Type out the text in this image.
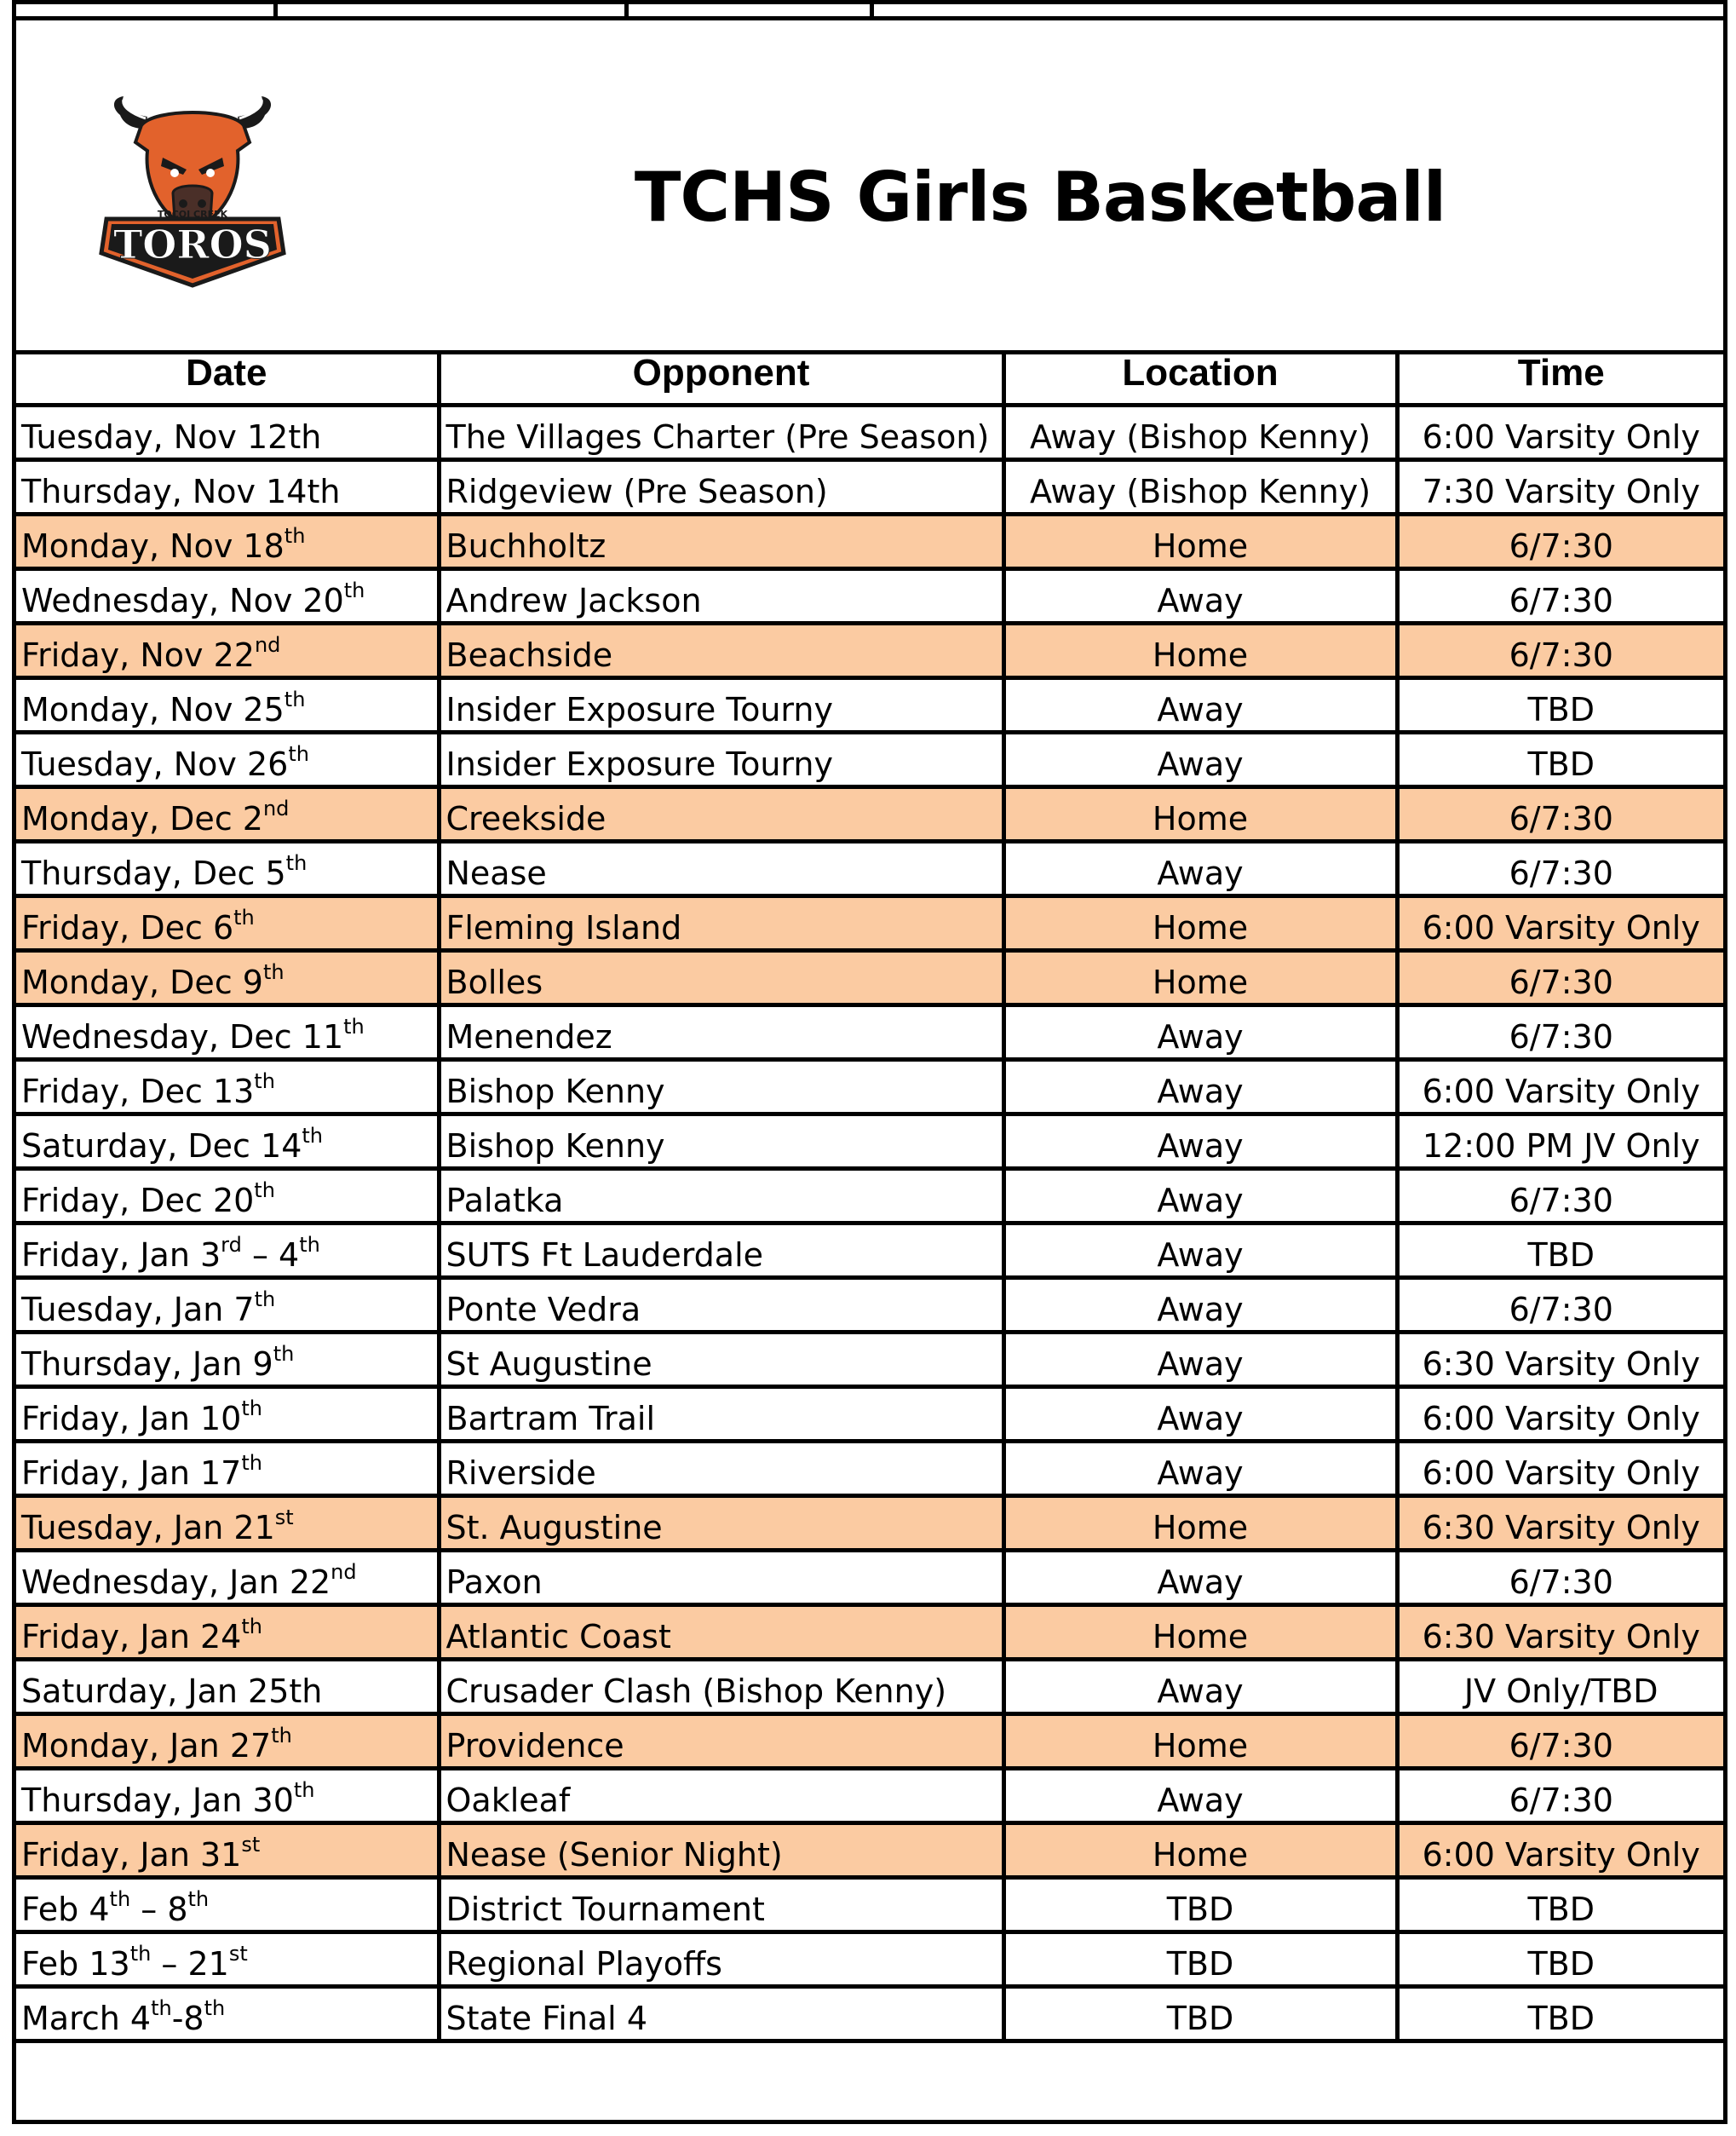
TOCOI CREEK
TOROS
TCHS Girls Basketball
Date	Opponent	Location	Time
Tuesday, Nov 12th	The Villages Charter (Pre Season)	Away (Bishop Kenny)	6:00 Varsity Only
Thursday, Nov 14th	Ridgeview (Pre Season)	Away (Bishop Kenny)	7:30 Varsity Only
Monday, Nov 18th	Buchholtz	Home	6/7:30
Wednesday, Nov 20th	Andrew Jackson	Away	6/7:30
Friday, Nov 22nd	Beachside	Home	6/7:30
Monday, Nov 25th	Insider Exposure Tourny	Away	TBD
Tuesday, Nov 26th	Insider Exposure Tourny	Away	TBD
Monday, Dec 2nd	Creekside	Home	6/7:30
Thursday, Dec 5th	Nease	Away	6/7:30
Friday, Dec 6th	Fleming Island	Home	6:00 Varsity Only
Monday, Dec 9th	Bolles	Home	6/7:30
Wednesday, Dec 11th	Menendez	Away	6/7:30
Friday, Dec 13th	Bishop Kenny	Away	6:00 Varsity Only
Saturday, Dec 14th	Bishop Kenny	Away	12:00 PM JV Only
Friday, Dec 20th	Palatka	Away	6/7:30
Friday, Jan 3rd – 4th	SUTS Ft Lauderdale	Away	TBD
Tuesday, Jan 7th	Ponte Vedra	Away	6/7:30
Thursday, Jan 9th	St Augustine	Away	6:30 Varsity Only
Friday, Jan 10th	Bartram Trail	Away	6:00 Varsity Only
Friday, Jan 17th	Riverside	Away	6:00 Varsity Only
Tuesday, Jan 21st	St. Augustine	Home	6:30 Varsity Only
Wednesday, Jan 22nd	Paxon	Away	6/7:30
Friday, Jan 24th	Atlantic Coast	Home	6:30 Varsity Only
Saturday, Jan 25th	Crusader Clash (Bishop Kenny)	Away	JV Only/TBD
Monday, Jan 27th	Providence	Home	6/7:30
Thursday, Jan 30th	Oakleaf	Away	6/7:30
Friday, Jan 31st	Nease (Senior Night)	Home	6:00 Varsity Only
Feb 4th – 8th	District Tournament	TBD	TBD
Feb 13th – 21st	Regional Playoffs	TBD	TBD
March 4th-8th	State Final 4	TBD	TBD
